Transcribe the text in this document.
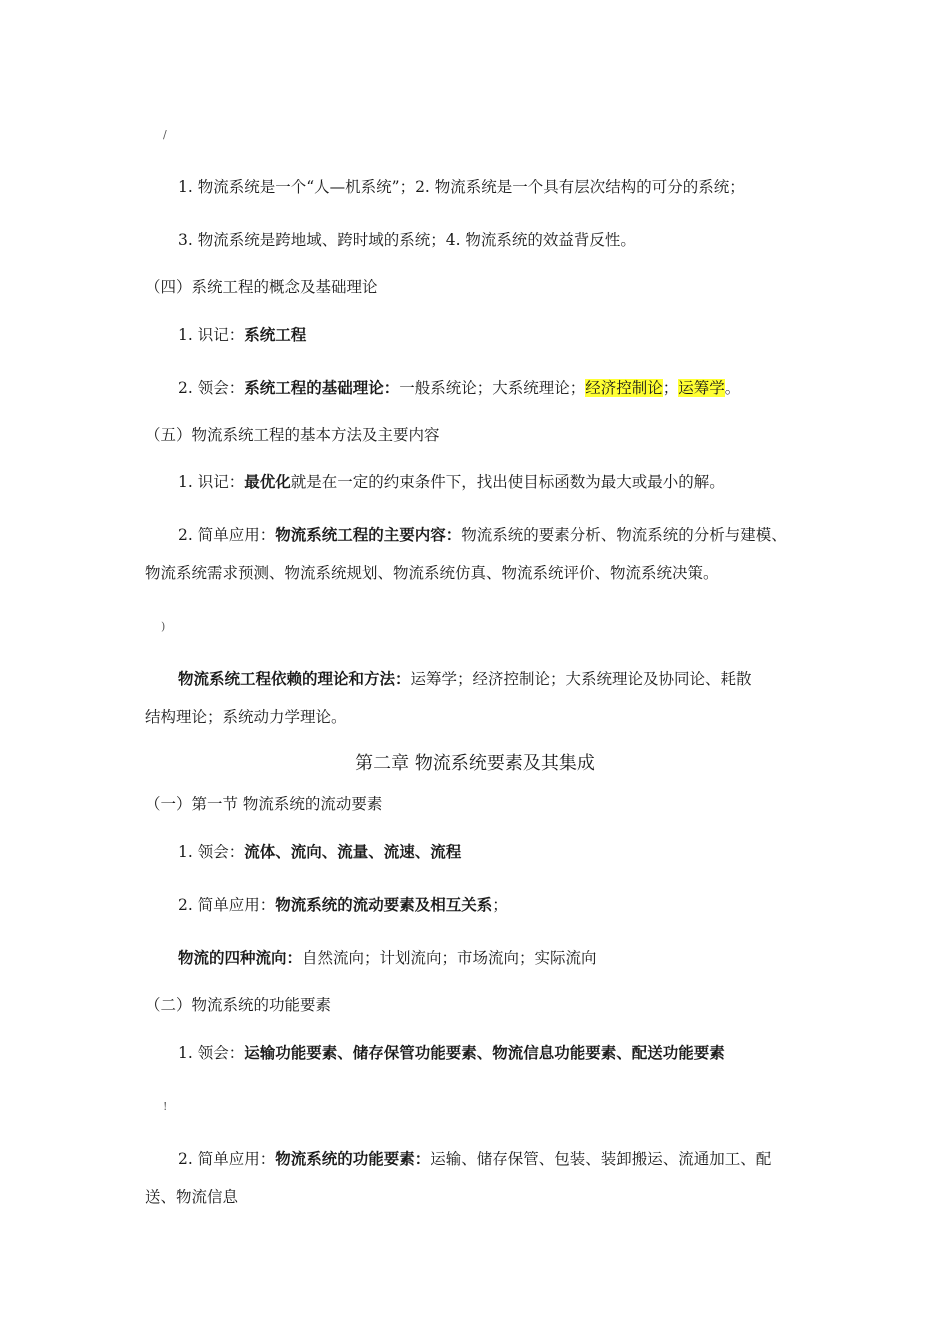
/
1. 物流系统是一个“人—机系统”；2. 物流系统是一个具有层次结构的可分的系统；
3. 物流系统是跨地域、跨时域的系统；4. 物流系统的效益背反性。
（四）系统工程的概念及基础理论
1. 识记：系统工程
2. 领会：系统工程的基础理论：一般系统论；大系统理论；经济控制论；运筹学。
（五）物流系统工程的基本方法及主要内容
1. 识记：最优化就是在一定的约束条件下，找出使目标函数为最大或最小的解。
2. 简单应用：物流系统工程的主要内容：物流系统的要素分析、物流系统的分析与建模、
物流系统需求预测、物流系统规划、物流系统仿真、物流系统评价、物流系统决策。
)
物流系统工程依赖的理论和方法：运筹学；经济控制论；大系统理论及协同论、耗散
结构理论；系统动力学理论。
第二章 物流系统要素及其集成
（一）第一节 物流系统的流动要素
1. 领会：流体、流向、流量、流速、流程
2. 简单应用：物流系统的流动要素及相互关系；
物流的四种流向：自然流向；计划流向；市场流向；实际流向
（二）物流系统的功能要素
1. 领会：运输功能要素、储存保管功能要素、物流信息功能要素、配送功能要素
!
2. 简单应用：物流系统的功能要素：运输、储存保管、包装、装卸搬运、流通加工、配
送、物流信息
